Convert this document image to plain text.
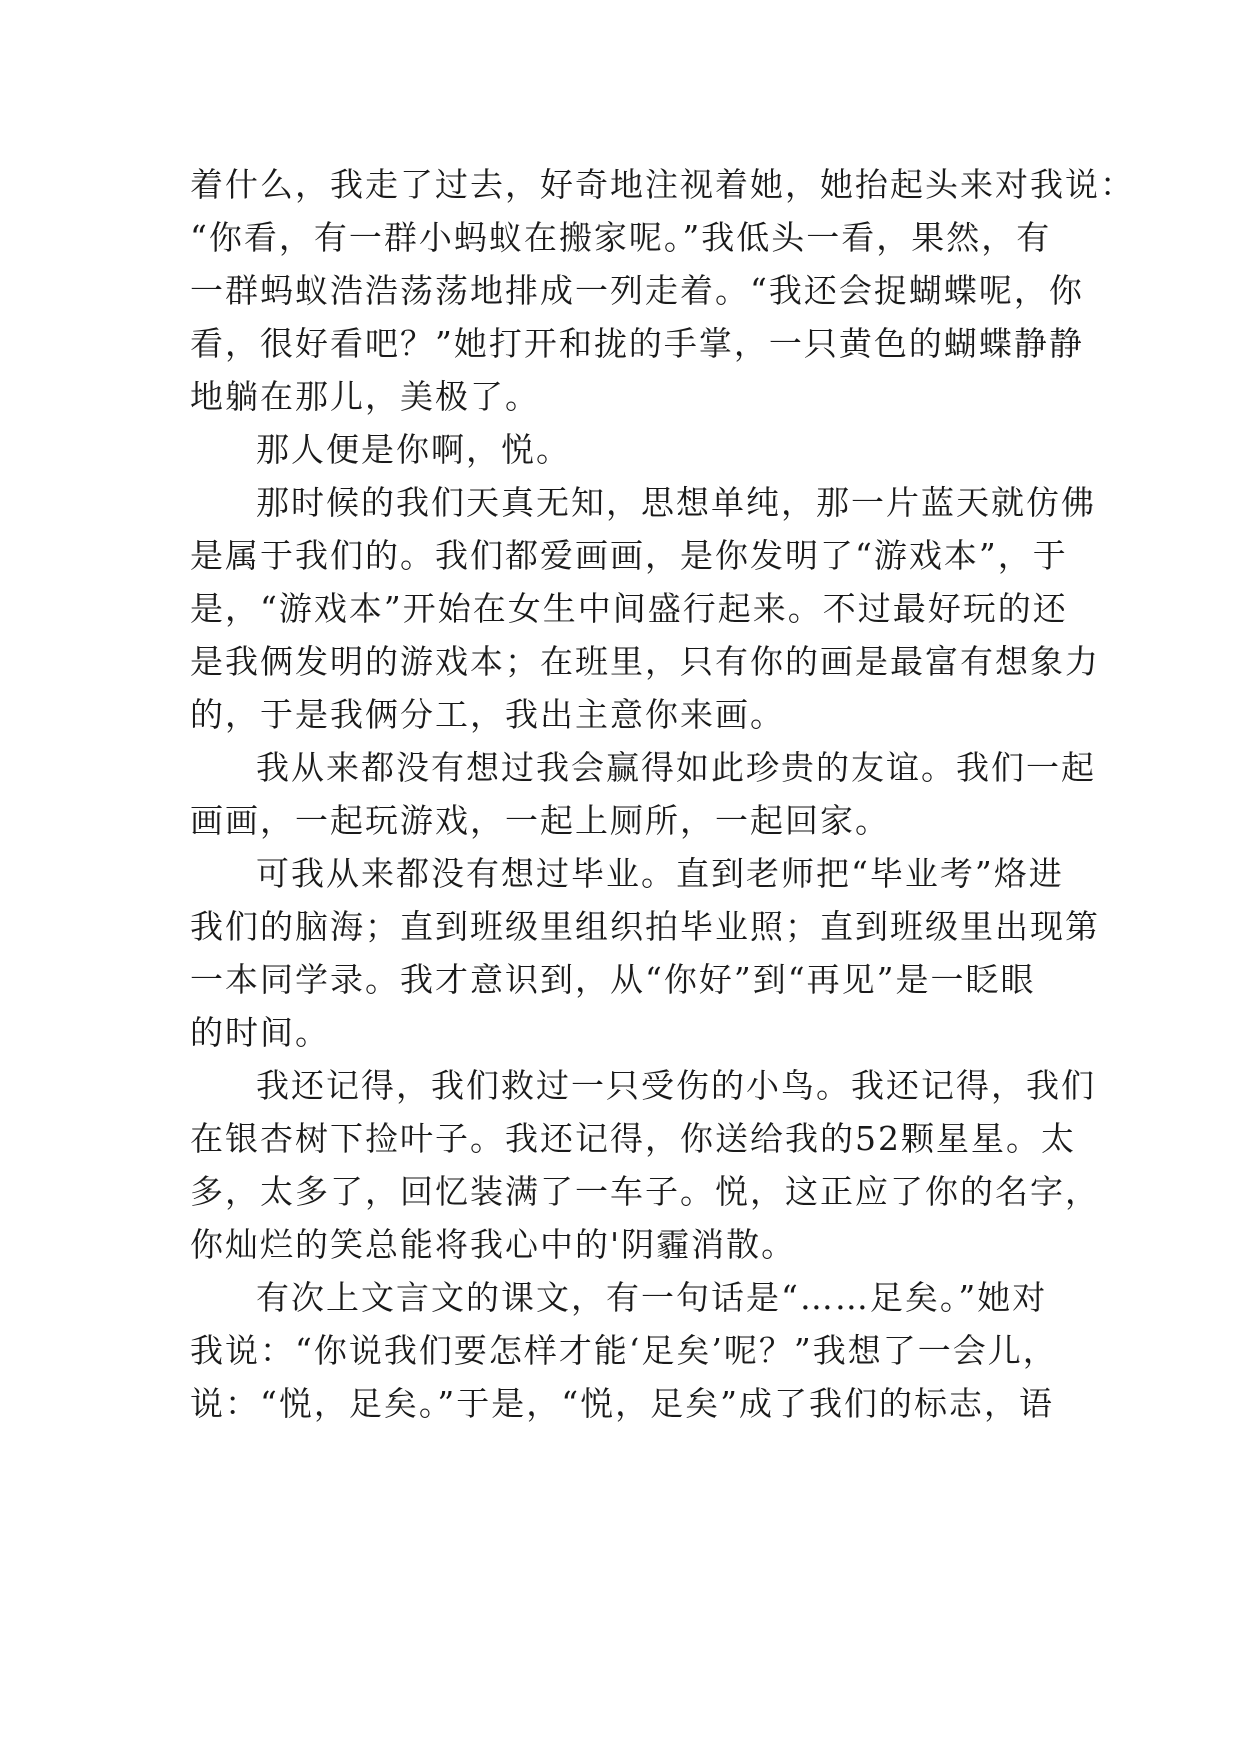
着什么，我走了过去，好奇地注视着她，她抬起头来对我说：
“你看，有一群小蚂蚁在搬家呢。”我低头一看，果然，有
一群蚂蚁浩浩荡荡地排成一列走着。“我还会捉蝴蝶呢，你
看，很好看吧？”她打开和拢的手掌，一只黄色的蝴蝶静静
地躺在那儿，美极了。
那人便是你啊，悦。
那时候的我们天真无知，思想单纯，那一片蓝天就仿佛
是属于我们的。我们都爱画画，是你发明了“游戏本”，于
是，“游戏本”开始在女生中间盛行起来。不过最好玩的还
是我俩发明的游戏本；在班里，只有你的画是最富有想象力
的，于是我俩分工，我出主意你来画。
我从来都没有想过我会赢得如此珍贵的友谊。我们一起
画画，一起玩游戏，一起上厕所，一起回家。
可我从来都没有想过毕业。直到老师把“毕业考”烙进
我们的脑海；直到班级里组织拍毕业照；直到班级里出现第
一本同学录。我才意识到，从“你好”到“再见”是一眨眼
的时间。
我还记得，我们救过一只受伤的小鸟。我还记得，我们
在银杏树下捡叶子。我还记得，你送给我的52颗星星。太
多，太多了，回忆装满了一车子。悦，这正应了你的名字，
你灿烂的笑总能将我心中的'阴霾消散。
有次上文言文的课文，有一句话是“……足矣。”她对
我说：“你说我们要怎样才能‘足矣’呢？”我想了一会儿，
说：“悦，足矣。”于是，“悦，足矣”成了我们的标志，语
